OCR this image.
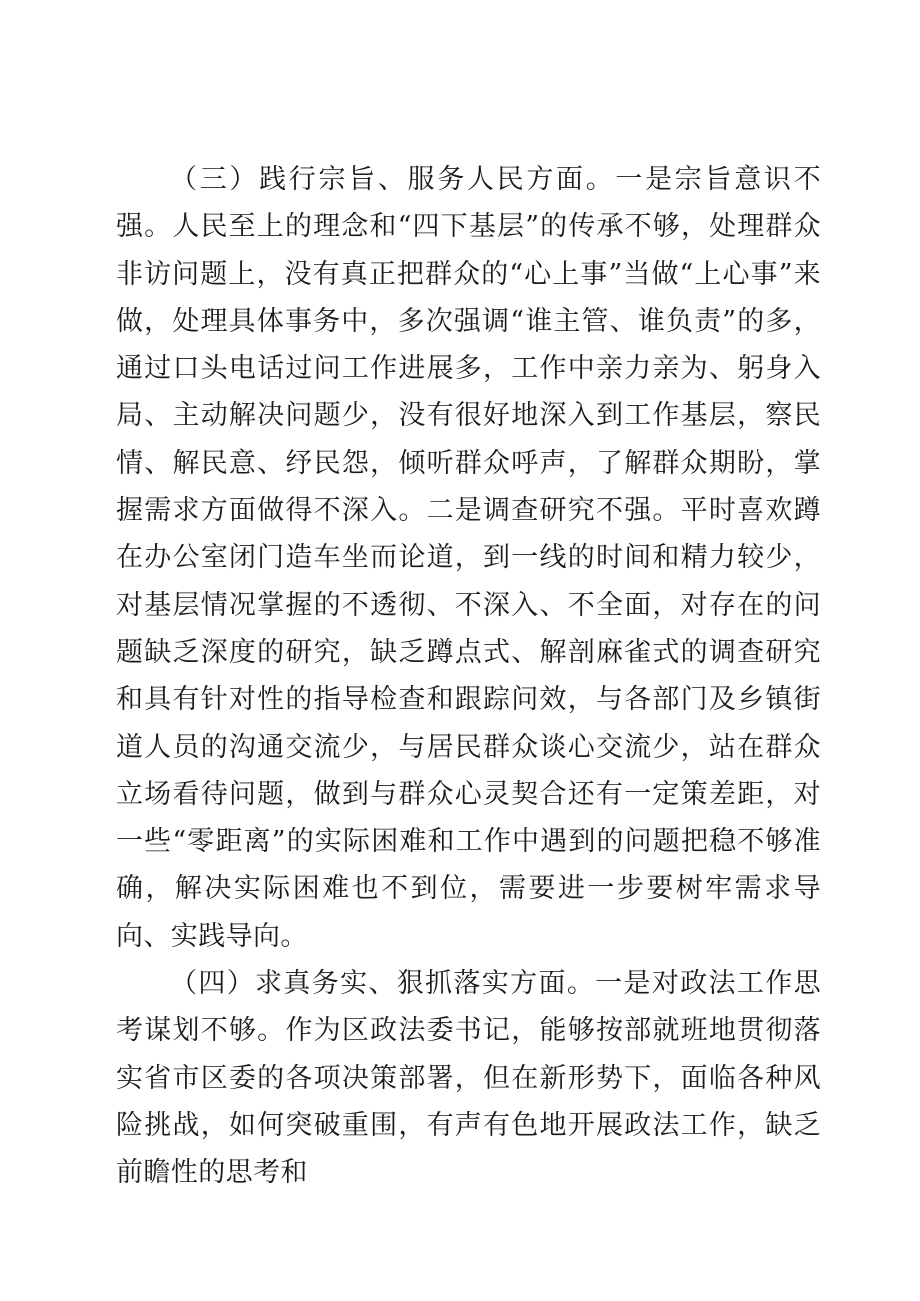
（三）践行宗旨、服务人民方面。一是宗旨意识不强。人民至上的理念和“四下基层”的传承不够，处理群众非访问题上，没有真正把群众的“心上事”当做“上心事”来做，处理具体事务中，多次强调“谁主管、谁负责”的多，通过口头电话过问工作进展多，工作中亲力亲为、躬身入局、主动解决问题少，没有很好地深入到工作基层，察民情、解民意、纾民怨，倾听群众呼声，了解群众期盼，掌握需求方面做得不深入。二是调查研究不强。平时喜欢蹲在办公室闭门造车坐而论道，到一线的时间和精力较少，对基层情况掌握的不透彻、不深入、不全面，对存在的问题缺乏深度的研究，缺乏蹲点式、解剖麻雀式的调查研究和具有针对性的指导检查和跟踪问效，与各部门及乡镇街道人员的沟通交流少，与居民群众谈心交流少，站在群众立场看待问题，做到与群众心灵契合还有一定策差距，对一些“零距离”的实际困难和工作中遇到的问题把稳不够准确，解决实际困难也不到位，需要进一步要树牢需求导向、实践导向。

（四）求真务实、狠抓落实方面。一是对政法工作思考谋划不够。作为区政法委书记，能够按部就班地贯彻落实省市区委的各项决策部署，但在新形势下，面临各种风险挑战，如何突破重围，有声有色地开展政法工作，缺乏前瞻性的思考和
